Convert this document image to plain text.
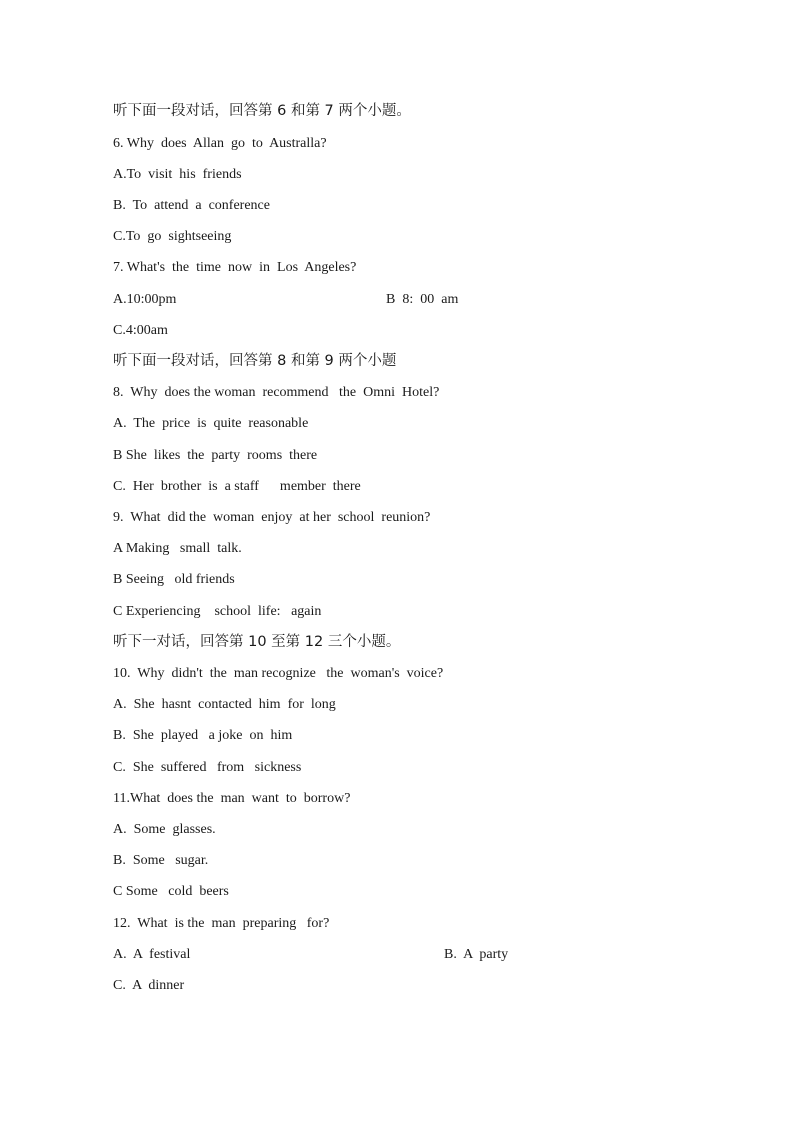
听下面一段对话，回答第 6 和第 7 两个小题。
6. Why  does  Allan  go  to  Australla?
A.To  visit  his  friends
B.  To  attend  a  conference
C.To  go  sightseeing
7. What's  the  time  now  in  Los  Angeles?
A.10:00pm	B  8:  00  am
C.4:00am
听下面一段对话，回答第 8 和第 9 两个小题
8.  Why  does the woman  recommend   the  Omni  Hotel?
A.  The  price  is  quite  reasonable
B She  likes  the  party  rooms  there
C.  Her  brother  is  a staff      member  there
9.  What  did the  woman  enjoy  at her  school  reunion?
A Making   small  talk.
B Seeing   old friends
C Experiencing    school  life:   again
听下一对话，回答第 10 至第 12 三个小题。
10.  Why  didn't  the  man recognize   the  woman's  voice?
A.  She  hasnt  contacted  him  for  long
B.  She  played   a joke  on  him
C.  She  suffered   from   sickness
11.What  does the  man  want  to  borrow?
A.  Some  glasses.
B.  Some   sugar.
C Some   cold  beers
12.  What  is the  man  preparing   for?
A.  A  festival	B.  A  party
C.  A  dinner
